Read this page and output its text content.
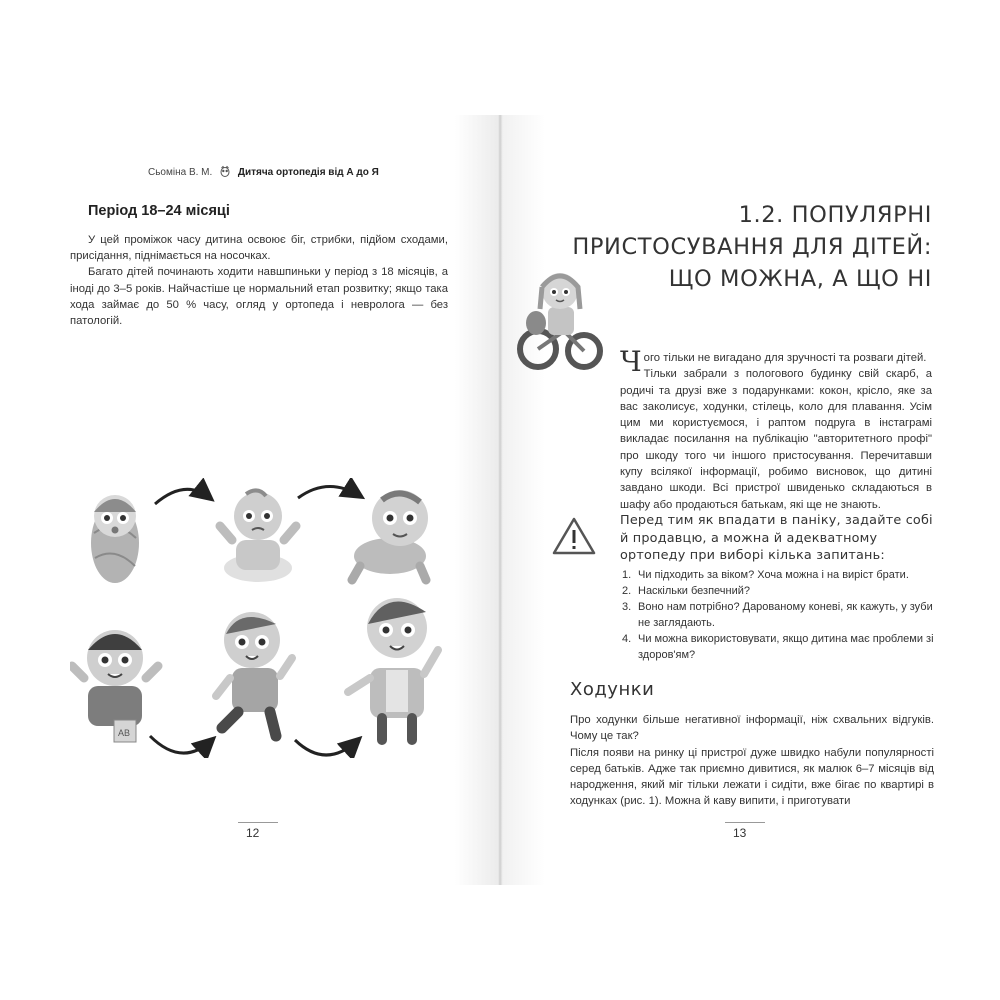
Сьоміна В. М.	Дитяча ортопедія від А до Я
Період 18–24 місяці

У цей проміжок часу дитина освоює біг, стрибки, підйом сходами, присідання, піднімається на носочках.

Багато дітей починають ходити навшпиньки у період з 18 місяців, а іноді до 3–5 років. Найчастіше це нормальний етап розвитку; якщо така хода займає до 50 % часу, огляд у ортопеда і невролога — без патологій.

AB
12
1.2. ПОПУЛЯРНІ
ПРИСТОСУВАННЯ ДЛЯ ДІТЕЙ:
ЩО МОЖНА, А ЩО НІ

Чого тільки не вигадано для зручності та розваги дітей.

Тільки забрали з пологового будинку свій скарб, а родичі та друзі вже з подарунками: кокон, крісло, яке за вас заколисує, ходунки, стілець, коло для плавання. Усім цим ми користуємося, і раптом подруга в інстаграмі викладає посилання на публікацію "авторитетного профі" про шкоду того чи іншого пристосування. Перечитавши купу всілякої інформації, робимо висновок, що дитині завдано шкоди. Всі пристрої швиденько складаються в шафу або продаються батькам, які ще не знають.

Перед тим як впадати в паніку, задайте собі й продавцю, а можна й адекватному ортопеду при виборі кілька запитань:
1. Чи підходить за віком? Хоча можна і на виріст брати.
2. Наскільки безпечний?
3. Воно нам потрібно? Дарованому коневі, як кажуть, у зуби не заглядають.
4. Чи можна використовувати, якщо дитина має проблеми зі здоров'ям?
Ходунки

Про ходунки більше негативної інформації, ніж схвальних відгуків. Чому це так?

Після появи на ринку ці пристрої дуже швидко набули популярності серед батьків. Адже так приємно дивитися, як малюк 6–7 місяців від народження, який міг тільки лежати і сидіти, вже бігає по квартирі в ходунках (рис. 1). Можна й каву випити, і приготувати

13
